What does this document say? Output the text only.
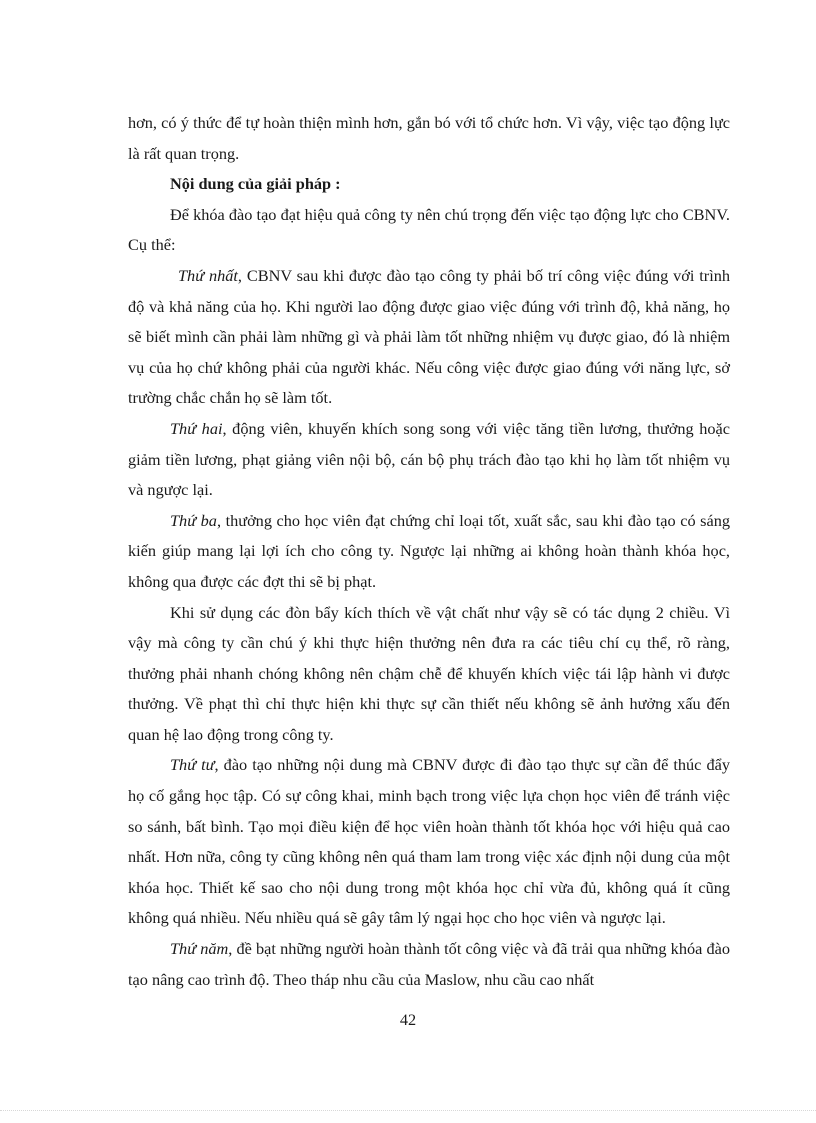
hơn, có ý thức để tự hoàn thiện mình hơn, gắn bó với tổ chức hơn. Vì vậy, việc tạo động lực là rất quan trọng.

Nội dung của giải pháp :

Để khóa đào tạo đạt hiệu quả công ty nên chú trọng đến việc tạo động lực cho CBNV. Cụ thể:

Thứ nhất, CBNV sau khi được đào tạo công ty phải bố trí công việc đúng với trình độ và khả năng của họ. Khi người lao động được giao việc đúng với trình độ, khả năng, họ sẽ biết mình cần phải làm những gì và phải làm tốt những nhiệm vụ được giao, đó là nhiệm vụ của họ chứ không phải của người khác. Nếu công việc được giao đúng với năng lực, sở trường chắc chắn họ sẽ làm tốt.

Thứ hai, động viên, khuyến khích song song với việc tăng tiền lương, thưởng hoặc giảm tiền lương, phạt giảng viên nội bộ, cán bộ phụ trách đào tạo khi họ làm tốt nhiệm vụ và ngược lại.

Thứ ba, thưởng cho học viên đạt chứng chỉ loại tốt, xuất sắc, sau khi đào tạo có sáng kiến giúp mang lại lợi ích cho công ty. Ngược lại những ai không hoàn thành khóa học, không qua được các đợt thi sẽ bị phạt.

Khi sử dụng các đòn bẩy kích thích về vật chất như vậy sẽ có tác dụng 2 chiều. Vì vậy mà công ty cần chú ý khi thực hiện thưởng nên đưa ra các tiêu chí cụ thể, rõ ràng, thưởng phải nhanh chóng không nên chậm chễ để khuyến khích việc tái lập hành vi được thưởng. Về phạt thì chỉ thực hiện khi thực sự cần thiết nếu không sẽ ảnh hưởng xấu đến quan hệ lao động trong công ty.

Thứ tư, đào tạo những nội dung mà CBNV được đi đào tạo thực sự cần để thúc đẩy họ cố gắng học tập. Có sự công khai, minh bạch trong việc lựa chọn học viên để tránh việc so sánh, bất bình. Tạo mọi điều kiện để học viên hoàn thành tốt khóa học với hiệu quả cao nhất. Hơn nữa, công ty cũng không nên quá tham lam trong việc xác định nội dung của một khóa học. Thiết kế sao cho nội dung trong một khóa học chỉ vừa đủ, không quá ít cũng không quá nhiều. Nếu nhiều quá sẽ gây tâm lý ngại học cho học viên và ngược lại.

Thứ năm, đề bạt những người hoàn thành tốt công việc và đã trải qua những khóa đào tạo nâng cao trình độ. Theo tháp nhu cầu của Maslow, nhu cầu cao nhất

42
